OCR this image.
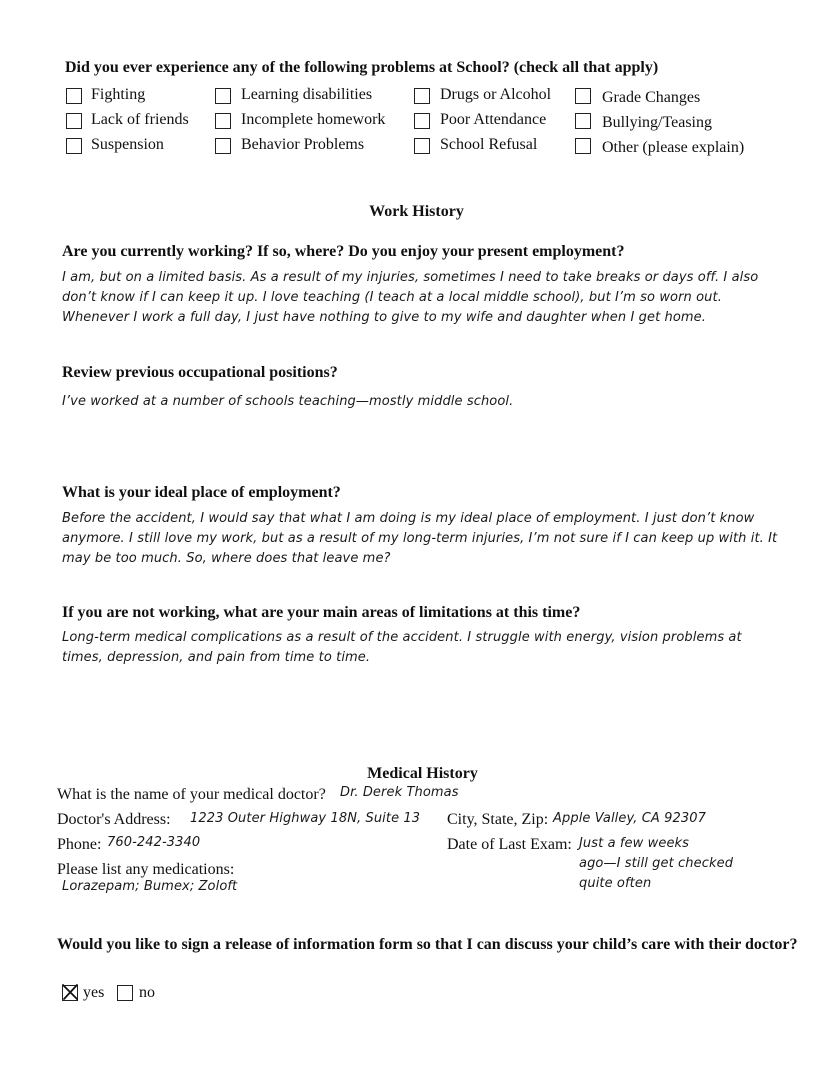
Did you ever experience any of the following problems at School? (check all that apply)
Fighting
Lack of friends
Suspension
Learning disabilities
Incomplete homework
Behavior Problems
Drugs or Alcohol
Poor Attendance
School Refusal
Grade Changes
Bullying/Teasing
Other (please explain)
Work History
Are you currently working? If so, where? Do you enjoy your present employment?
I am, but on a limited basis. As a result of my injuries, sometimes I need to take breaks or days off. I also don’t know if I can keep it up. I love teaching (I teach at a local middle school), but I’m so worn out. Whenever I work a full day, I just have nothing to give to my wife and daughter when I get home.
Review previous occupational positions?
I’ve worked at a number of schools teaching—mostly middle school.
What is your ideal place of employment?
Before the accident, I would say that what I am doing is my ideal place of employment. I just don’t know anymore. I still love my work, but as a result of my long-term injuries, I’m not sure if I can keep up with it. It may be too much. So, where does that leave me?
If you are not working, what are your main areas of limitations at this time?
Long-term medical complications as a result of the accident. I struggle with energy, vision problems at times, depression, and pain from time to time.
Medical History
What is the name of your medical doctor? Dr. Derek Thomas
Doctor's Address: 1223 Outer Highway 18N, Suite 13 City, State, Zip: Apple Valley, CA 92307
Phone: 760-242-3340	Date of Last Exam: Just a few weeks
ago—I still get checked
quite often
Please list any medications:
Lorazepam; Bumex; Zoloft
Would you like to sign a release of information form so that I can discuss your child’s care with their doctor?
yes no
